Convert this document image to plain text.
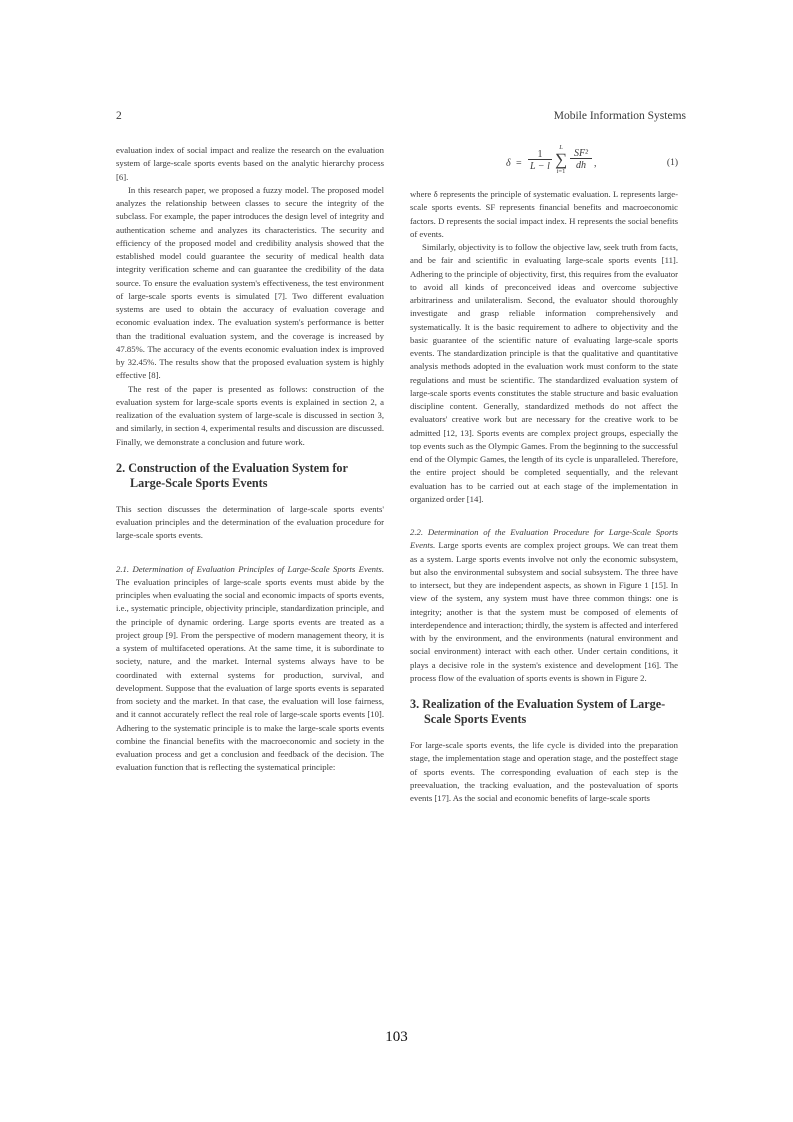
2	Mobile Information Systems

evaluation index of social impact and realize the research on the evaluation system of large-scale sports events based on the analytic hierarchy process [6].

In this research paper, we proposed a fuzzy model. The proposed model analyzes the relationship between classes to secure the integrity of the subclass. For example, the paper introduces the design level of integrity and authentication scheme and analyzes its characteristics. The security and efficiency of the proposed model and credibility analysis showed that the established model could guarantee the security of medical health data integrity verification scheme and can guarantee the credibility of the data source. To ensure the evaluation system's effectiveness, the test environment of large-scale sports events is simulated [7]. Two different evaluation systems are used to obtain the accuracy of evaluation coverage and economic evaluation index. The evaluation system's performance is better than the traditional evaluation system, and the coverage is increased by 47.85%. The accuracy of the events economic evaluation index is improved by 32.45%. The results show that the proposed evaluation system is highly effective [8].

The rest of the paper is presented as follows: construction of the evaluation system for large-scale sports events is explained in section 2, a realization of the evaluation system of large-scale is discussed in section 3, and similarly, in section 4, experimental results and discussion are discussed. Finally, we demonstrate a conclusion and future work.

2. Construction of the Evaluation System for Large-Scale Sports Events

This section discusses the determination of large-scale sports events' evaluation principles and the determination of the evaluation procedure for large-scale sports events.

2.1. Determination of Evaluation Principles of Large-Scale Sports Events. The evaluation principles of large-scale sports events must abide by the principles when evaluating the social and economic impacts of sports events, i.e., systematic principle, objectivity principle, standardization principle, and the principle of dynamic ordering. Large sports events are treated as a project group [9]. From the perspective of modern management theory, it is a system of multifaceted operations. At the same time, it is subordinate to society, nature, and the market. Internal systems always have to be coordinated with external systems for production, survival, and development. Suppose that the evaluation of large sports events is separated from society and the market. In that case, the evaluation will lose fairness, and it cannot accurately reflect the real role of large-scale sports events [10]. Adhering to the systematic principle is to make the large-scale sports events combine the financial benefits with the macroeconomic and society in the evaluation process and get a conclusion and feedback of the decision. The evaluation function that is reflecting the systematical principle:

δ =
1
L − l
L
∑
i=1
SF²
dh ,	(1)

where δ represents the principle of systematic evaluation. L represents large-scale sports events. SF represents financial benefits and macroeconomic factors. D represents the social impact index. H represents the social benefits of events.

Similarly, objectivity is to follow the objective law, seek truth from facts, and be fair and scientific in evaluating large-scale sports events [11]. Adhering to the principle of objectivity, first, this requires from the evaluator to avoid all kinds of preconceived ideas and overcome subjective arbitrariness and unilateralism. Second, the evaluator should thoroughly investigate and grasp reliable information comprehensively and systematically. It is the basic requirement to adhere to objectivity and the basic guarantee of the scientific nature of evaluating large-scale sports events. The standardization principle is that the qualitative and quantitative analysis methods adopted in the evaluation work must conform to the state regulations and must be scientific. The standardized evaluation system of large-scale sports events constitutes the stable structure and basic evaluation discipline content. Generally, standardized methods do not affect the evaluators' creative work but are necessary for the creative work to be admitted [12, 13]. Sports events are complex project groups, especially the top events such as the Olympic Games. From the beginning to the successful end of the Olympic Games, the length of its cycle is unparalleled. Therefore, the entire project should be completed sequentially, and the relevant evaluation has to be carried out at each stage of the implementation in organized order [14].

2.2. Determination of the Evaluation Procedure for Large-Scale Sports Events. Large sports events are complex project groups. We can treat them as a system. Large sports events involve not only the economic subsystem, but also the environmental subsystem and social subsystem. The three have to intersect, but they are independent aspects, as shown in Figure 1 [15]. In view of the system, any system must have three common things: one is integrity; another is that the system must be composed of elements of interdependence and interaction; thirdly, the system is affected and interfered with by the environment, and the environments (natural environment and social environment) interact with each other. Under certain conditions, it plays a decisive role in the system's existence and development [16]. The process flow of the evaluation of sports events is shown in Figure 2.

3. Realization of the Evaluation System of Large-Scale Sports Events

For large-scale sports events, the life cycle is divided into the preparation stage, the implementation stage and operation stage, and the posteffect stage of sports events. The corresponding evaluation of each step is the preevaluation, the tracking evaluation, and the postevaluation of sports events [17]. As the social and economic benefits of large-scale sports

103
